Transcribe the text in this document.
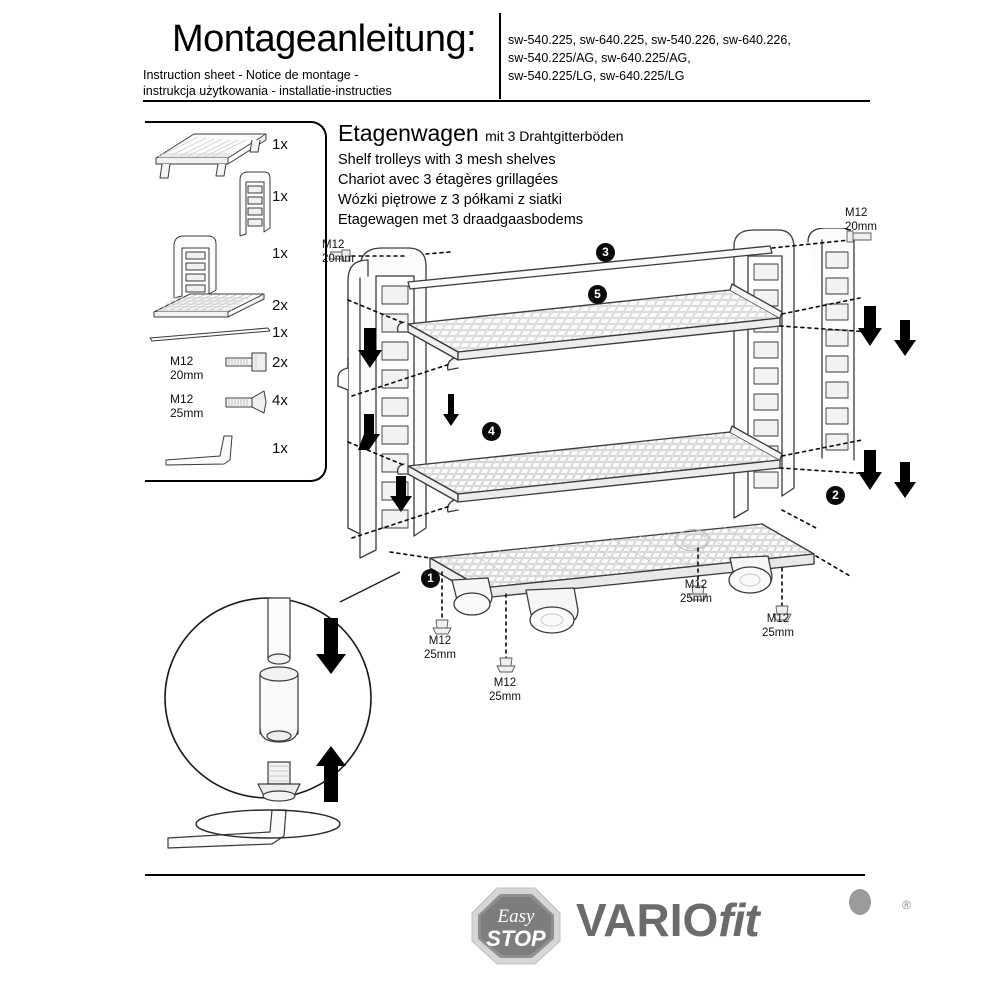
Montageanleitung:
Instruction sheet - Notice de montage -
instrukcja użytkowania - installatie-instructies
sw-540.225, sw-640.225, sw-540.226, sw-640.226,
sw-540.225/AG, sw-640.225/AG,
sw-540.225/LG, sw-640.225/LG
Etagenwagen mit 3 Drahtgitterböden
Shelf trolleys with 3 mesh shelves
Chariot avec 3 étagères grillagées
Wózki piętrowe z 3 półkami z siatki
Etagewagen met 3 draadgaasbodems
1x
1x
1x
2x
1x
2x
4x
1x
M12
20mm
M12
25mm
1
2
3
4
5
M12
20mm
M12
20mm
M12
25mm
M12
25mm
M12
25mm
M12
25mm
Easy
STOP VARIOfit	®
